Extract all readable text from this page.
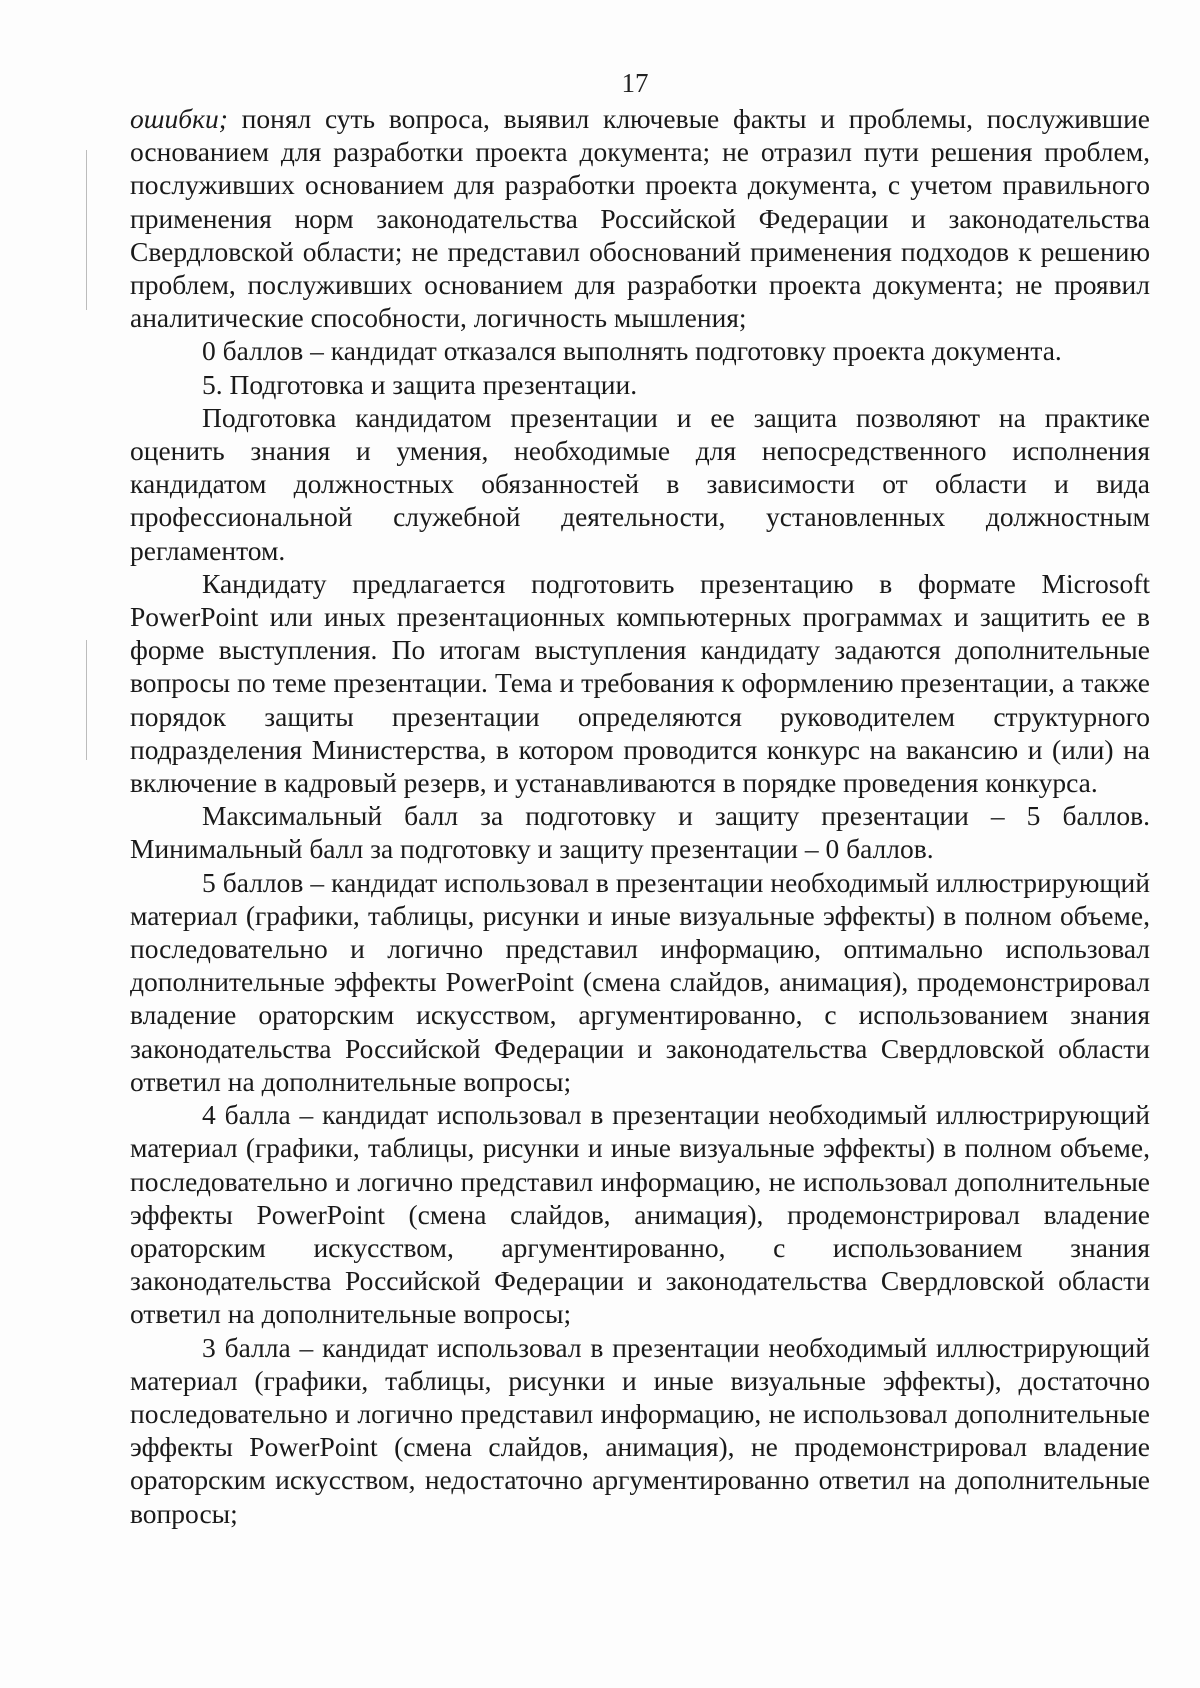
17

ошибки; понял суть вопроса, выявил ключевые факты и проблемы, послужившие основанием для разработки проекта документа; не отразил пути решения проблем, послуживших основанием для разработки проекта документа, с учетом правильного применения норм законодательства Российской Федерации и законодательства Свердловской области; не представил обоснований применения подходов к решению проблем, послуживших основанием для разработки проекта документа; не проявил аналитические способности, логичность мышления;

0 баллов – кандидат отказался выполнять подготовку проекта документа.

5. Подготовка и защита презентации.

Подготовка кандидатом презентации и ее защита позволяют на практике оценить знания и умения, необходимые для непосредственного исполнения кандидатом должностных обязанностей в зависимости от области и вида профессиональной служебной деятельности, установленных должностным регламентом.

Кандидату предлагается подготовить презентацию в формате Microsoft PowerPoint или иных презентационных компьютерных программах и защитить ее в форме выступления. По итогам выступления кандидату задаются дополнительные вопросы по теме презентации. Тема и требования к оформлению презентации, а также порядок защиты презентации определяются руководителем структурного подразделения Министерства, в котором проводится конкурс на вакансию и (или) на включение в кадровый резерв, и устанавливаются в порядке проведения конкурса.

Максимальный балл за подготовку и защиту презентации – 5 баллов. Минимальный балл за подготовку и защиту презентации – 0 баллов.

5 баллов – кандидат использовал в презентации необходимый иллюстрирующий материал (графики, таблицы, рисунки и иные визуальные эффекты) в полном объеме, последовательно и логично представил информацию, оптимально использовал дополнительные эффекты PowerPoint (смена слайдов, анимация), продемонстрировал владение ораторским искусством, аргументированно, с использованием знания законодательства Российской Федерации и законодательства Свердловской области ответил на дополнительные вопросы;

4 балла – кандидат использовал в презентации необходимый иллюстрирующий материал (графики, таблицы, рисунки и иные визуальные эффекты) в полном объеме, последовательно и логично представил информацию, не использовал дополнительные эффекты PowerPoint (смена слайдов, анимация), продемонстрировал владение ораторским искусством, аргументированно, с использованием знания законодательства Российской Федерации и законодательства Свердловской области ответил на дополнительные вопросы;

3 балла – кандидат использовал в презентации необходимый иллюстрирующий материал (графики, таблицы, рисунки и иные визуальные эффекты), достаточно последовательно и логично представил информацию, не использовал дополнительные эффекты PowerPoint (смена слайдов, анимация), не продемонстрировал владение ораторским искусством, недостаточно аргументированно ответил на дополнительные вопросы;
